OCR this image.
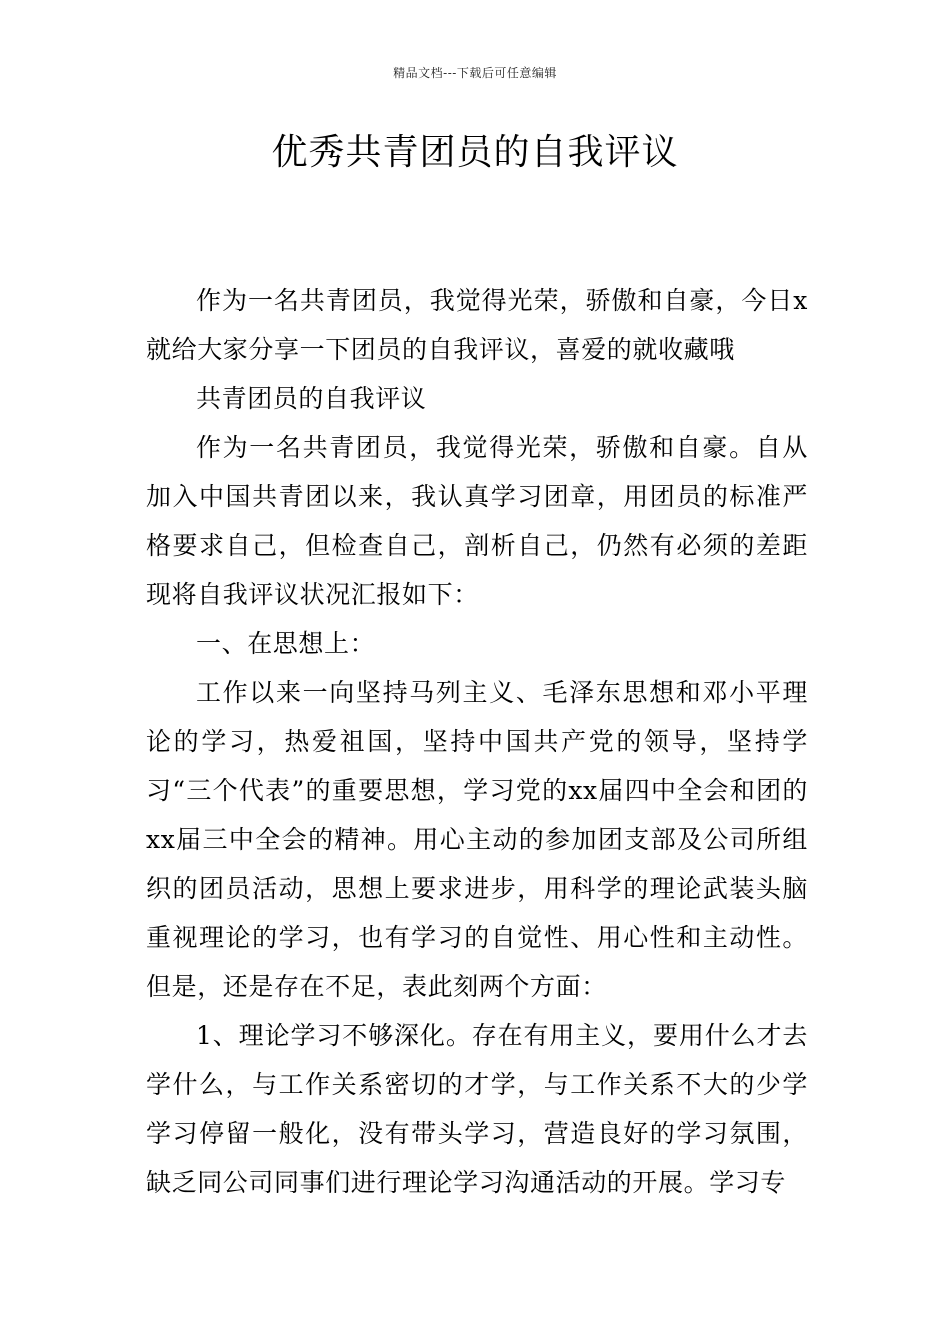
精品文档---下载后可任意编辑
优秀共青团员的自我评议

作为一名共青团员，我觉得光荣，骄傲和自豪，今日x就给大家分享一下团员的自我评议，喜爱的就收藏哦

共青团员的自我评议

作为一名共青团员，我觉得光荣，骄傲和自豪。自从加入中国共青团以来，我认真学习团章，用团员的标准严格要求自己，但检查自己，剖析自己，仍然有必须的差距现将自我评议状况汇报如下：

一、在思想上：

工作以来一向坚持马列主义、毛泽东思想和邓小平理论的学习，热爱祖国，坚持中国共产党的领导，坚持学习“三个代表”的重要思想，学习党的xx届四中全会和团的xx届三中全会的精神。用心主动的参加团支部及公司所组织的团员活动，思想上要求进步，用科学的理论武装头脑重视理论的学习，也有学习的自觉性、用心性和主动性。但是，还是存在不足，表此刻两个方面：

1、理论学习不够深化。存在有用主义，要用什么才去学什么，与工作关系密切的才学，与工作关系不大的少学学习停留一般化，没有带头学习，营造良好的学习氛围，缺乏同公司同事们进行理论学习沟通活动的开展。学习专
